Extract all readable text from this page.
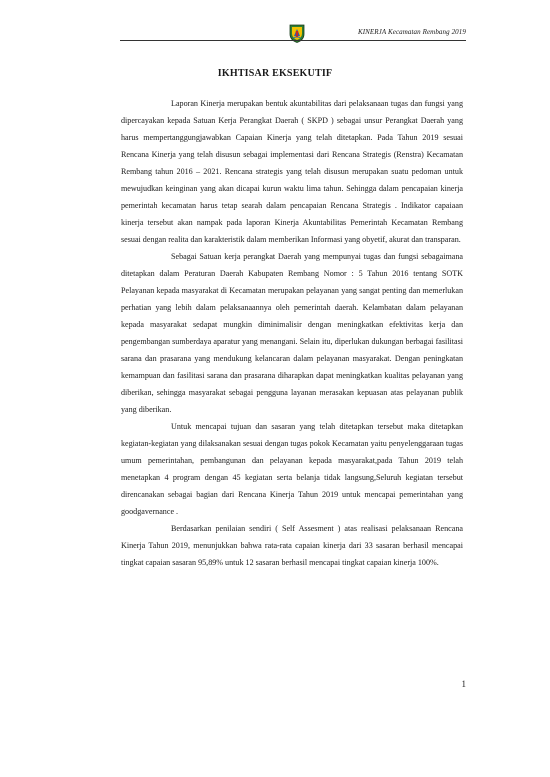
KINERJA Kecamatan Rembang 2019
IKHTISAR EKSEKUTIF

Laporan Kinerja merupakan bentuk akuntabilitas dari pelaksanaan tugas dan fungsi yang dipercayakan kepada Satuan Kerja Perangkat Daerah ( SKPD ) sebagai unsur Perangkat Daerah yang harus mempertanggungjawabkan Capaian Kinerja yang telah ditetapkan. Pada Tahun 2019 sesuai Rencana Kinerja yang telah disusun sebagai implementasi dari Rencana Strategis (Renstra) Kecamatan Rembang tahun 2016 – 2021. Rencana strategis yang telah disusun merupakan suatu pedoman untuk mewujudkan keinginan yang akan dicapai kurun waktu lima tahun. Sehingga dalam pencapaian kinerja pemerintah kecamatan harus tetap searah dalam pencapaian Rencana Strategis . Indikator capaiaan kinerja tersebut akan nampak pada laporan Kinerja Akuntabilitas Pemerintah Kecamatan Rembang sesuai dengan realita dan karakteristik dalam memberikan Informasi yang obyetif, akurat dan transparan.

Sebagai Satuan kerja perangkat Daerah yang mempunyai tugas dan fungsi sebagaimana ditetapkan dalam Peraturan Daerah Kabupaten Rembang Nomor : 5 Tahun 2016 tentang SOTK Pelayanan kepada masyarakat di Kecamatan merupakan pelayanan yang sangat penting dan memerlukan perhatian yang lebih dalam pelaksanaannya oleh pemerintah daerah. Kelambatan dalam pelayanan kepada masyarakat sedapat mungkin diminimalisir dengan meningkatkan efektivitas kerja dan pengembangan sumberdaya aparatur yang menangani. Selain itu, diperlukan dukungan berbagai fasilitasi sarana dan prasarana yang mendukung kelancaran dalam pelayanan masyarakat. Dengan peningkatan kemampuan dan fasilitasi sarana dan prasarana diharapkan dapat meningkatkan kualitas pelayanan yang diberikan, sehingga masyarakat sebagai pengguna layanan merasakan kepuasan atas pelayanan publik yang diberikan.

Untuk mencapai tujuan dan sasaran yang telah ditetapkan tersebut maka ditetapkan kegiatan-kegiatan yang dilaksanakan sesuai dengan tugas pokok Kecamatan yaitu penyelenggaraan tugas umum pemerintahan, pembangunan dan pelayanan kepada masyarakat,pada Tahun 2019 telah menetapkan 4 program dengan 45 kegiatan serta belanja tidak langsung,Seluruh kegiatan tersebut direncanakan sebagai bagian dari Rencana Kinerja Tahun 2019 untuk mencapai pemerintahan yang goodgavernance .

Berdasarkan penilaian sendiri ( Self Assesment ) atas realisasi pelaksanaan Rencana Kinerja Tahun 2019, menunjukkan bahwa rata-rata capaian kinerja dari 33 sasaran berhasil mencapai tingkat capaian sasaran 95,89% untuk 12 sasaran berhasil mencapai tingkat capaian kinerja 100%.

1
